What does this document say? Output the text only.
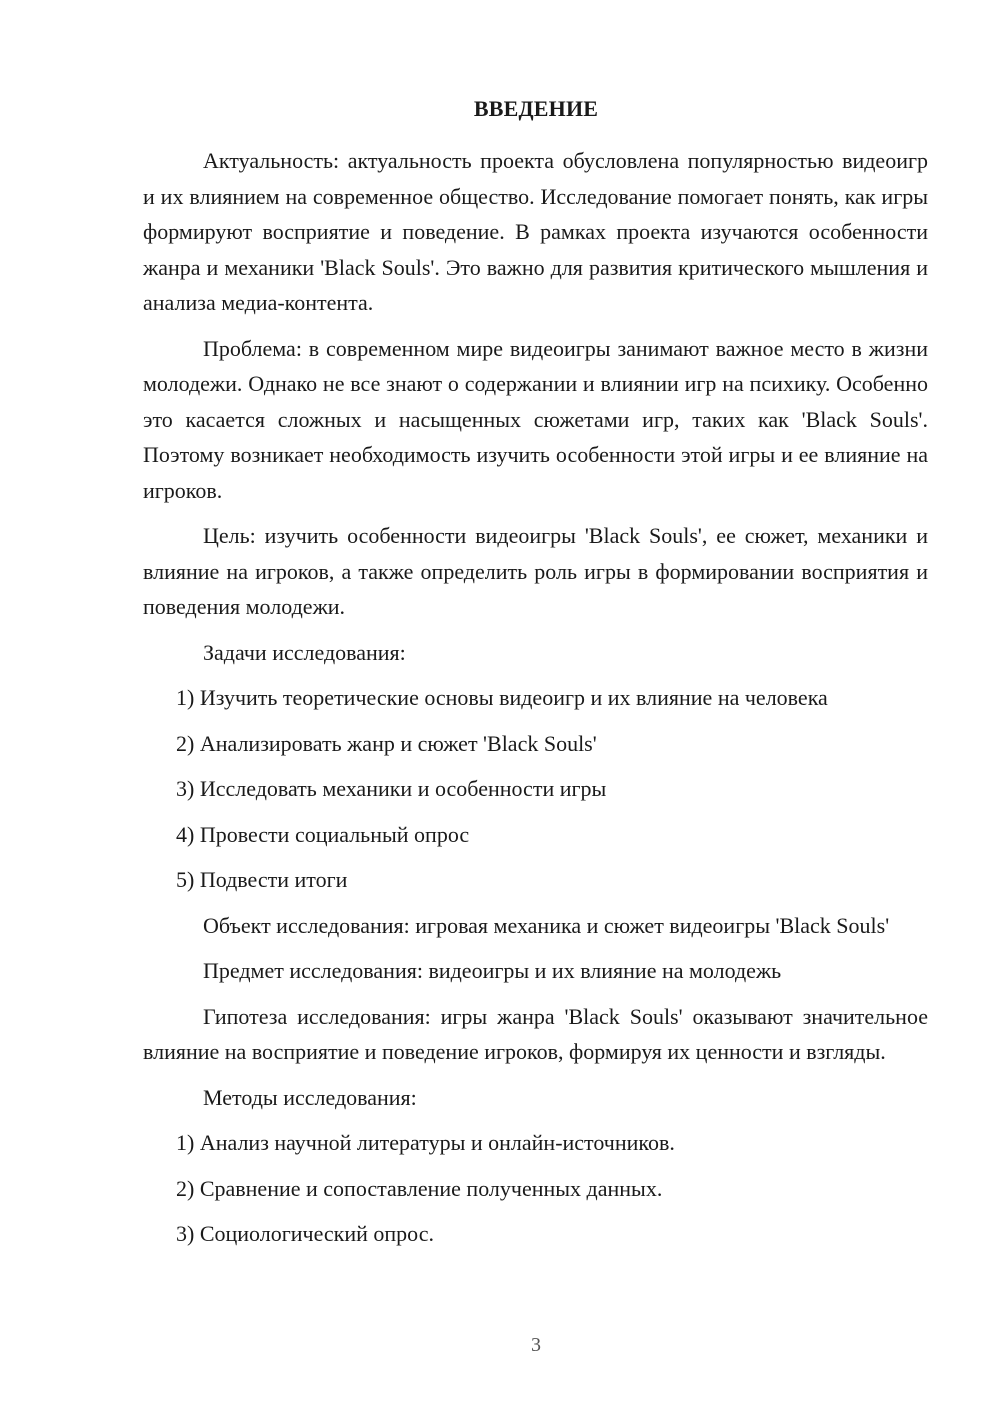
ВВЕДЕНИЕ

Актуальность: актуальность проекта обусловлена популярностью видеоигр и их влиянием на современное общество. Исследование помогает понять, как игры формируют восприятие и поведение. В рамках проекта изучаются особенности жанра и механики 'Black Souls'. Это важно для развития критического мышления и анализа медиа-контента.

Проблема: в современном мире видеоигры занимают важное место в жизни молодежи. Однако не все знают о содержании и влиянии игр на психику. Особенно это касается сложных и насыщенных сюжетами игр, таких как 'Black Souls'. Поэтому возникает необходимость изучить особенности этой игры и ее влияние на игроков.

Цель: изучить особенности видеоигры 'Black Souls', ее сюжет, механики и влияние на игроков, а также определить роль игры в формировании восприятия и поведения молодежи.

Задачи исследования:

1) Изучить теоретические основы видеоигр и их влияние на человека
2) Анализировать жанр и сюжет 'Black Souls'
3) Исследовать механики и особенности игры
4) Провести социальный опрос
5) Подвести итоги

Объект исследования: игровая механика и сюжет видеоигры 'Black Souls'

Предмет исследования: видеоигры и их влияние на молодежь

Гипотеза исследования: игры жанра 'Black Souls' оказывают значительное влияние на восприятие и поведение игроков, формируя их ценности и взгляды.

Методы исследования:

1) Анализ научной литературы и онлайн-источников.
2) Сравнение и сопоставление полученных данных.
3) Социологический опрос.
3
